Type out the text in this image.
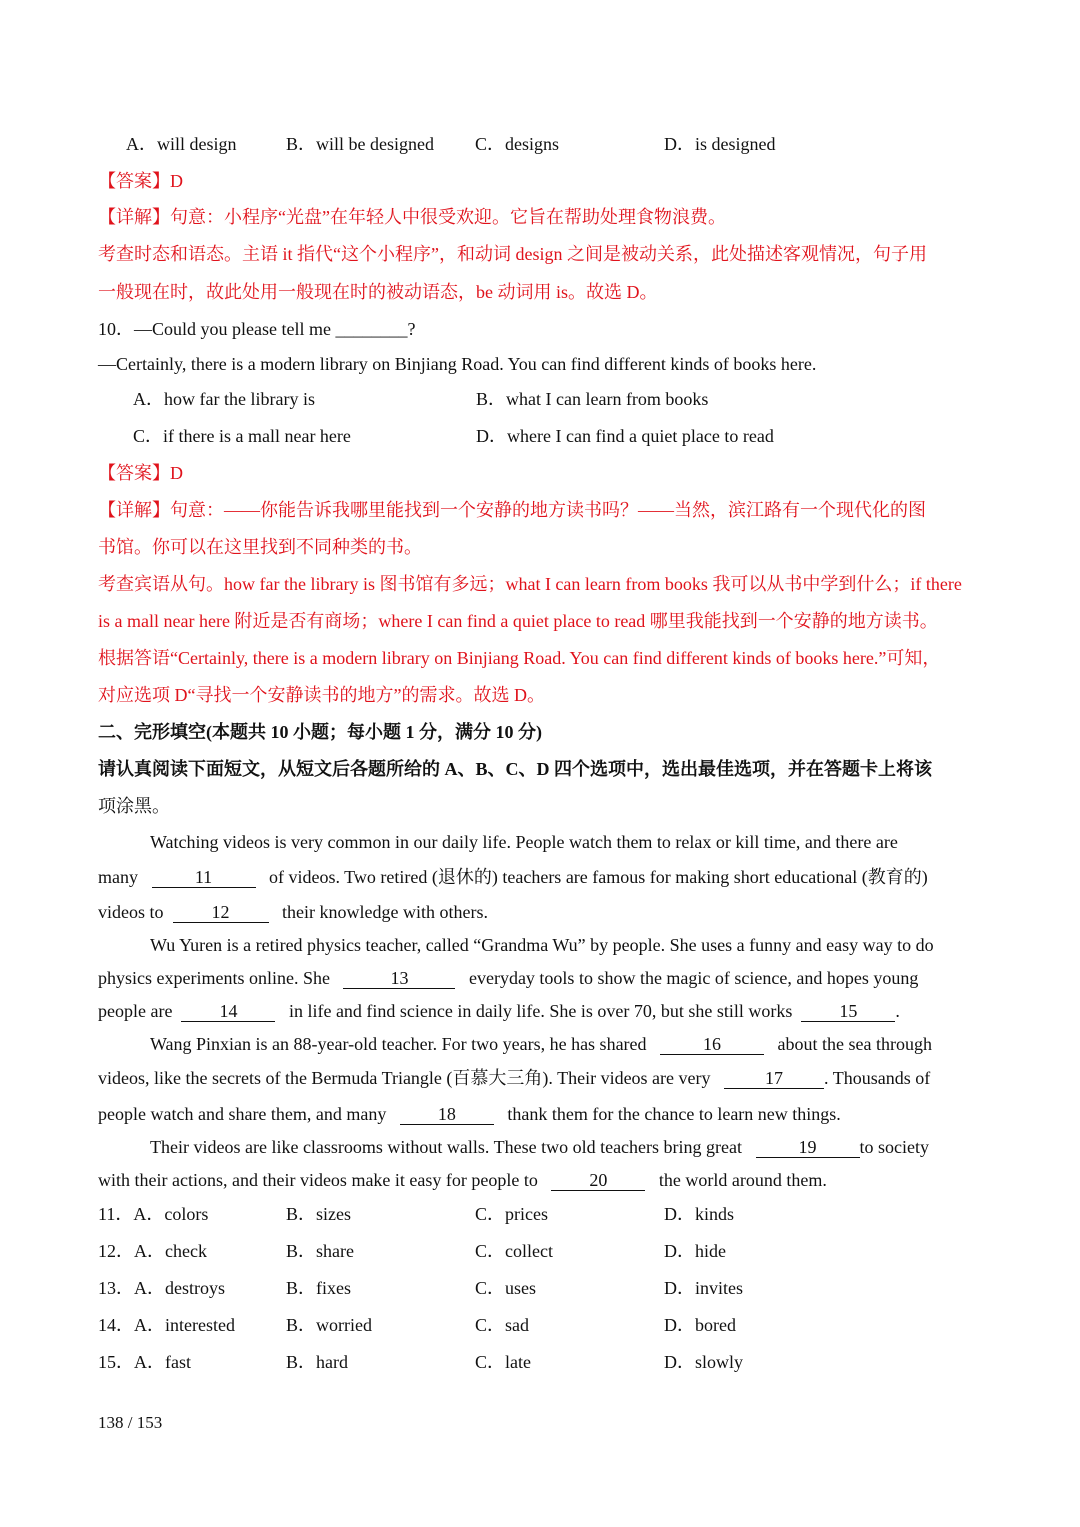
A．will design	B．will be designed C．designs	D．is designed
【答案】D
【详解】句意：小程序“光盘”在年轻人中很受欢迎。它旨在帮助处理食物浪费。
考查时态和语态。主语 it 指代“这个小程序”，和动词 design 之间是被动关系，此处描述客观情况，句子用
一般现在时，故此处用一般现在时的被动语态，be 动词用 is。故选 D。
10．—Could you please tell me ________?
—Certainly, there is a modern library on Binjiang Road. You can find different kinds of books here.
A．how far the library is	B．what I can learn from books
C．if there is a mall near here	D．where I can find a quiet place to read
【答案】D
【详解】句意：——你能告诉我哪里能找到一个安静的地方读书吗？——当然，滨江路有一个现代化的图
书馆。你可以在这里找到不同种类的书。
考查宾语从句。how far the library is 图书馆有多远；what I can learn from books 我可以从书中学到什么；if there
is a mall near here 附近是否有商场；where I can find a quiet place to read 哪里我能找到一个安静的地方读书。
根据答语“Certainly, there is a modern library on Binjiang Road. You can find different kinds of books here.”可知，
对应选项 D“寻找一个安静读书的地方”的需求。故选 D。
二、完形填空(本题共 10 小题；每小题 1 分，满分 10 分)
请认真阅读下面短文，从短文后各题所给的 A、B、C、D 四个选项中，选出最佳选项，并在答题卡上将该
项涂黑。
Watching videos is very common in our daily life. People watch them to relax or kill time, and there are
many	11	of videos. Two retired (退休的) teachers are famous for making short educational (教育的)
videos to	12	their knowledge with others.
Wu Yuren is a retired physics teacher, called “Grandma Wu” by people. She uses a funny and easy way to do
physics experiments online. She	13	everyday tools to show the magic of science, and hopes young
people are	14	in life and find science in daily life. She is over 70, but she still works	15 .
Wang Pinxian is an 88-year-old teacher. For two years, he has shared	16	about the sea through
videos, like the secrets of the Bermuda Triangle (百慕大三角). Their videos are very	17 . Thousands of
people watch and share them, and many	18	thank them for the chance to learn new things.
Their videos are like classrooms without walls. These two old teachers bring great	19 to society
with their actions, and their videos make it easy for people to	20	the world around them.
11．A．colors	B．sizes	C．prices	D．kinds
12．A．check	B．share	C．collect	D．hide
13．A．destroys	B．fixes	C．uses	D．invites
14．A．interested	B．worried	C．sad	D．bored
15．A．fast	B．hard	C．late	D．slowly
138 / 153
